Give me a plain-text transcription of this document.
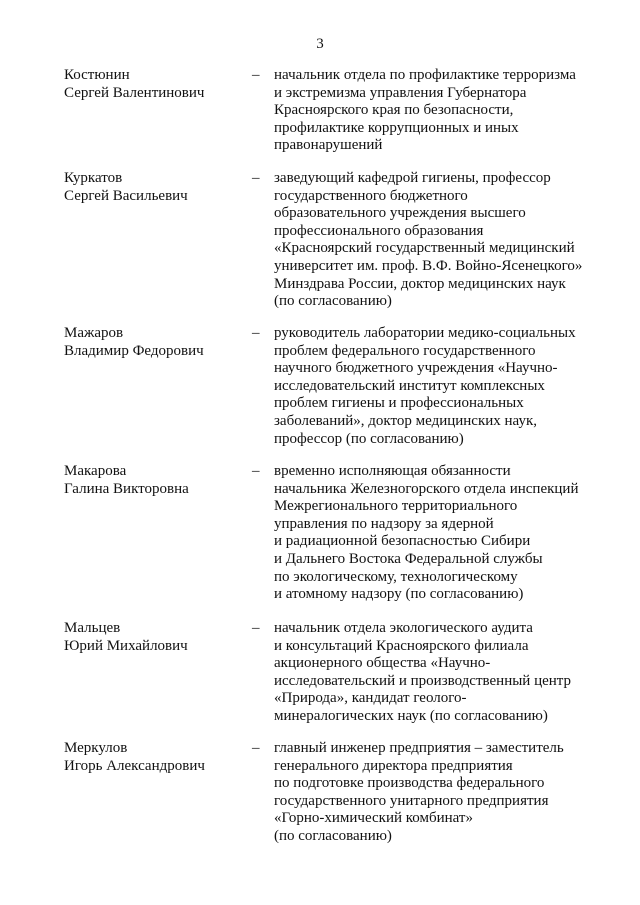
3
Костюнин
Сергей Валентинович
– начальник отдела по профилактике терроризма
и экстремизма управления Губернатора
Красноярского края по безопасности,
профилактике коррупционных и иных
правонарушений
Куркатов
Сергей Васильевич
– заведующий кафедрой гигиены, профессор
государственного бюджетного
образовательного учреждения высшего
профессионального образования
«Красноярский государственный медицинский
университет им. проф. В.Ф. Войно-Ясенецкого»
Минздрава России, доктор медицинских наук
(по согласованию)
Мажаров
Владимир Федорович
– руководитель лаборатории медико-социальных
проблем федерального государственного
научного бюджетного учреждения «Научно-
исследовательский институт комплексных
проблем гигиены и профессиональных
заболеваний», доктор медицинских наук,
профессор (по согласованию)
Макарова
Галина Викторовна
– временно исполняющая обязанности
начальника Железногорского отдела инспекций
Межрегионального территориального
управления по надзору за ядерной
и радиационной безопасностью Сибири
и Дальнего Востока Федеральной службы
по экологическому, технологическому
и атомному надзору (по согласованию)
Мальцев
Юрий Михайлович
– начальник отдела экологического аудита
и консультаций Красноярского филиала
акционерного общества «Научно-
исследовательский и производственный центр
«Природа», кандидат геолого-
минералогических наук (по согласованию)
Меркулов
Игорь Александрович
– главный инженер предприятия – заместитель
генерального директора предприятия
по подготовке производства федерального
государственного унитарного предприятия
«Горно-химический комбинат»
(по согласованию)
